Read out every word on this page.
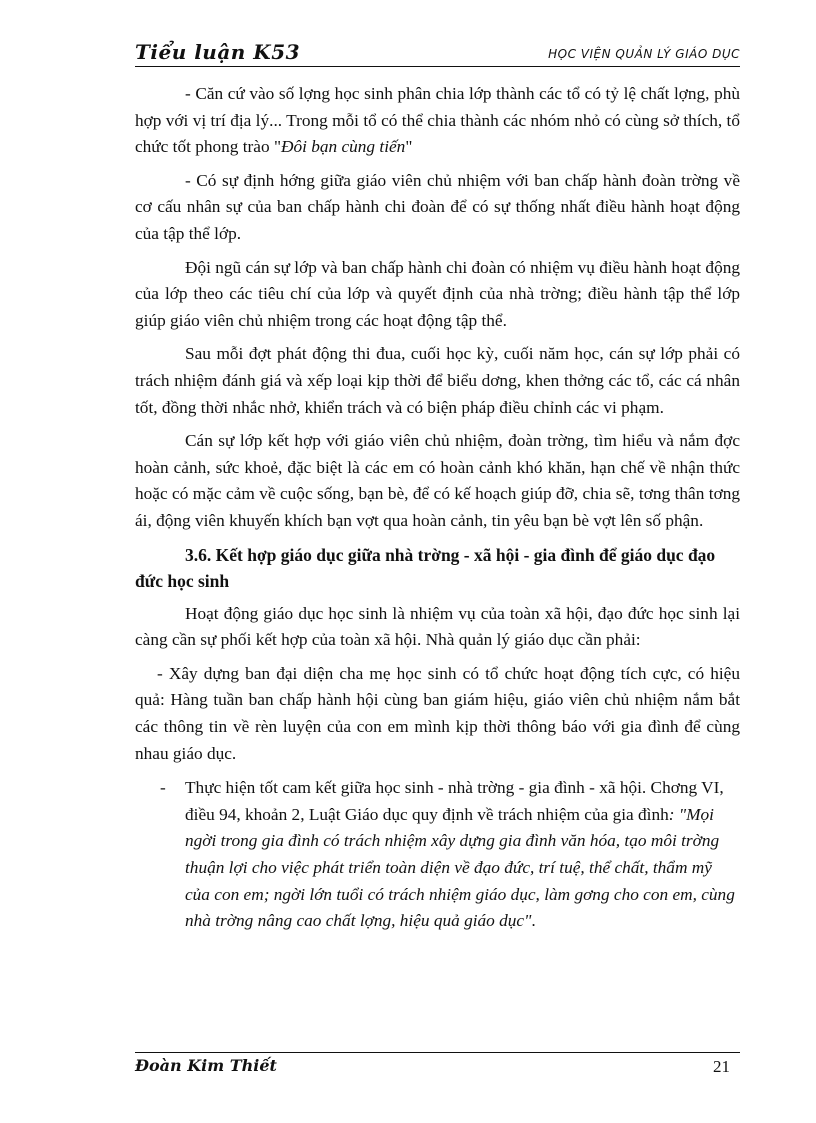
Tiểu luận K53	HỌC VIỆN QUẢN LÝ GIÁO DỤC

- Căn cứ vào số lợng học sinh phân chia lớp thành các tổ có tỷ lệ chất lợng, phù hợp với vị trí địa lý... Trong mỗi tổ có thể chia thành các nhóm nhỏ có cùng sở thích, tổ chức tốt phong trào "Đôi bạn cùng tiến"

- Có sự định hớng giữa giáo viên chủ nhiệm với ban chấp hành đoàn trờng về cơ cấu nhân sự của ban chấp hành chi đoàn để có sự thống nhất điều hành hoạt động của tập thể lớp.

Đội ngũ cán sự lớp và ban chấp hành chi đoàn có nhiệm vụ điều hành hoạt động của lớp theo các tiêu chí của lớp và quyết định của nhà trờng; điều hành tập thể lớp giúp giáo viên chủ nhiệm trong các hoạt động tập thể.

Sau mỗi đợt phát động thi đua, cuối học kỳ, cuối năm học, cán sự lớp phải có trách nhiệm đánh giá và xếp loại kịp thời để biểu dơng, khen thởng các tổ, các cá nhân tốt, đồng thời nhắc nhở, khiển trách và có biện pháp điều chỉnh các vi phạm.

Cán sự lớp kết hợp với giáo viên chủ nhiệm, đoàn trờng, tìm hiểu và nắm đợc hoàn cảnh, sức khoẻ, đặc biệt là các em có hoàn cảnh khó khăn, hạn chế về nhận thức hoặc có mặc cảm về cuộc sống, bạn bè, để có kế hoạch giúp đỡ, chia sẽ, tơng thân tơng ái, động viên khuyến khích bạn vợt qua hoàn cảnh, tin yêu bạn bè vợt lên số phận.

3.6. Kết hợp giáo dục giữa nhà trờng - xã hội - gia đình để giáo dục đạo đức học sinh

Hoạt động giáo dục học sinh là nhiệm vụ của toàn xã hội, đạo đức học sinh lại càng cần sự phối kết hợp của toàn xã hội. Nhà quản lý giáo dục cần phải:

- Xây dựng ban đại diện cha mẹ học sinh có tổ chức hoạt động tích cực, có hiệu quả: Hàng tuần ban chấp hành hội cùng ban giám hiệu, giáo viên chủ nhiệm nắm bắt các thông tin về rèn luyện của con em mình kịp thời thông báo với gia đình để cùng nhau giáo dục.

- Thực hiện tốt cam kết giữa học sinh - nhà trờng - gia đình - xã hội. Chơng VI, điều 94, khoản 2, Luật Giáo dục quy định về trách nhiệm của gia đình: "Mọi ngời trong gia đình có trách nhiệm xây dựng gia đình văn hóa, tạo môi trờng thuận lợi cho việc phát triển toàn diện về đạo đức, trí tuệ, thể chất, thẩm mỹ của con em; ngời lớn tuổi có trách nhiệm giáo dục, làm gơng cho con em, cùng nhà trờng nâng cao chất lợng, hiệu quả giáo dục".
Đoàn Kim Thiết	21
